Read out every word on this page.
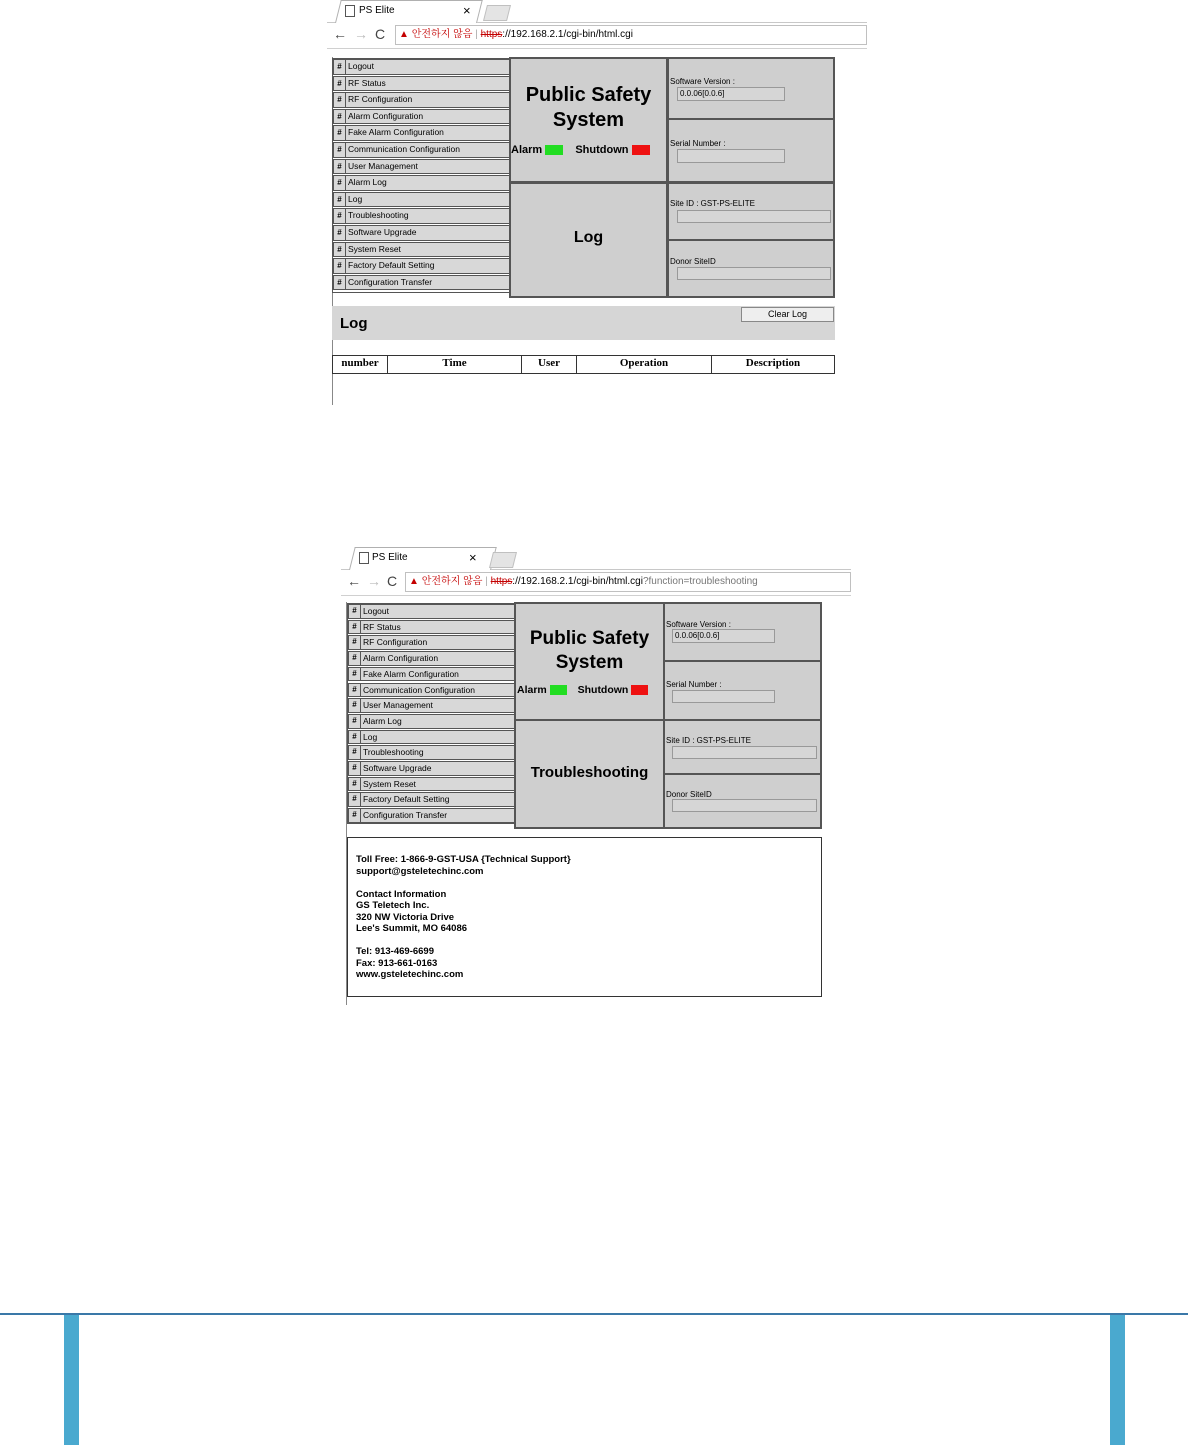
PS Elite	×
← → C	▲ 안전하지 않음 | https://192.168.2.1/cgi-bin/html.cgi
# Logout
# RF Status
# RF Configuration
# Alarm Configuration
# Fake Alarm Configuration
# Communication Configuration
# User Management
# Alarm Log
# Log
# Troubleshooting
# Software Upgrade
# System Reset
# Factory Default Setting
# Configuration Transfer
Public Safety
System
Alarm	Shutdown
Log
Software Version :
0.0.06[0.0.6]
Serial Number :
Site ID : GST-PS-ELITE
Donor SiteID
Log
Clear Log
number	Time	User	Operation	Description
PS Elite	×
← → C	▲ 안전하지 않음 | https://192.168.2.1/cgi-bin/html.cgi?function=troubleshooting
# Logout
# RF Status
# RF Configuration
# Alarm Configuration
# Fake Alarm Configuration
# Communication Configuration
# User Management
# Alarm Log
# Log
# Troubleshooting
# Software Upgrade
# System Reset
# Factory Default Setting
# Configuration Transfer
Public Safety
System
Alarm	Shutdown
Troubleshooting
Software Version :
0.0.06[0.0.6]
Serial Number :
Site ID : GST-PS-ELITE
Donor SiteID
Toll Free: 1-866-9-GST-USA {Technical Support}
support@gsteletechinc.com
Contact Information
GS Teletech Inc.
320 NW Victoria Drive
Lee's Summit, MO 64086
Tel: 913-469-6699
Fax: 913-661-0163
www.gsteletechinc.com
